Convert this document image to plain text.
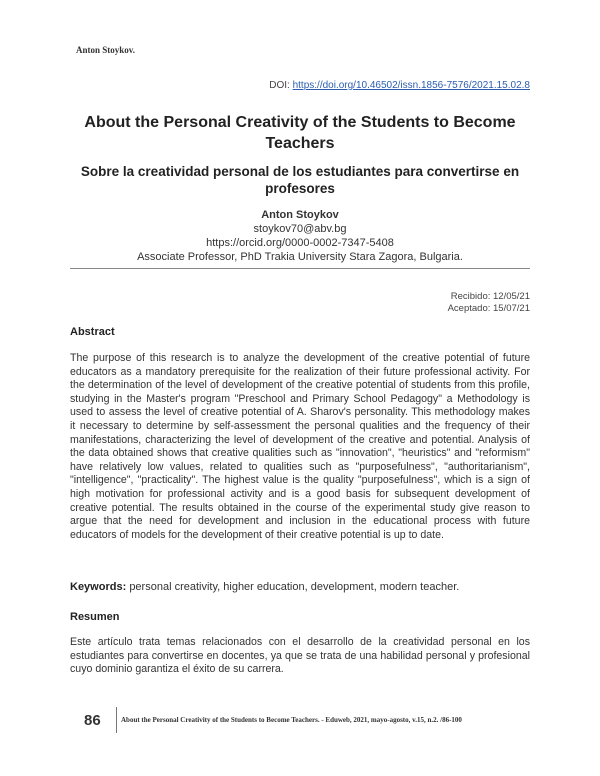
Anton Stoykov.
DOI: https://doi.org/10.46502/issn.1856-7576/2021.15.02.8
About the Personal Creativity of the Students to Become Teachers
Sobre la creatividad personal de los estudiantes para convertirse en profesores
Anton Stoykov
stoykov70@abv.bg
https://orcid.org/0000-0002-7347-5408
Associate Professor, PhD Trakia University Stara Zagora, Bulgaria.
Recibido: 12/05/21
Aceptado: 15/07/21
Abstract
The purpose of this research is to analyze the development of the creative potential of future educators as a mandatory prerequisite for the realization of their future professional activity. For the determination of the level of development of the creative potential of students from this profile, studying in the Master's program "Preschool and Primary School Pedagogy" a Methodology is used to assess the level of creative potential of A. Sharov's personality. This methodology makes it necessary to determine by self-assessment the personal qualities and the frequency of their manifestations, characterizing the level of development of the creative and potential. Analysis of the data obtained shows that creative qualities such as "innovation", "heuristics" and "reformism" have relatively low values, related to qualities such as "purposefulness", "authoritarianism", "intelligence", "practicality". The highest value is the quality "purposefulness", which is a sign of high motivation for professional activity and is a good basis for subsequent development of creative potential. The results obtained in the course of the experimental study give reason to argue that the need for development and inclusion in the educational process with future educators of models for the development of their creative potential is up to date.
Keywords: personal creativity, higher education, development, modern teacher.
Resumen
Este artículo trata temas relacionados con el desarrollo de la creatividad personal en los estudiantes para convertirse en docentes, ya que se trata de una habilidad personal y profesional cuyo dominio garantiza el éxito de su carrera.
86	About the Personal Creativity of the Students to Become Teachers. - Eduweb, 2021, mayo-agosto, v.15, n.2. /86-100
